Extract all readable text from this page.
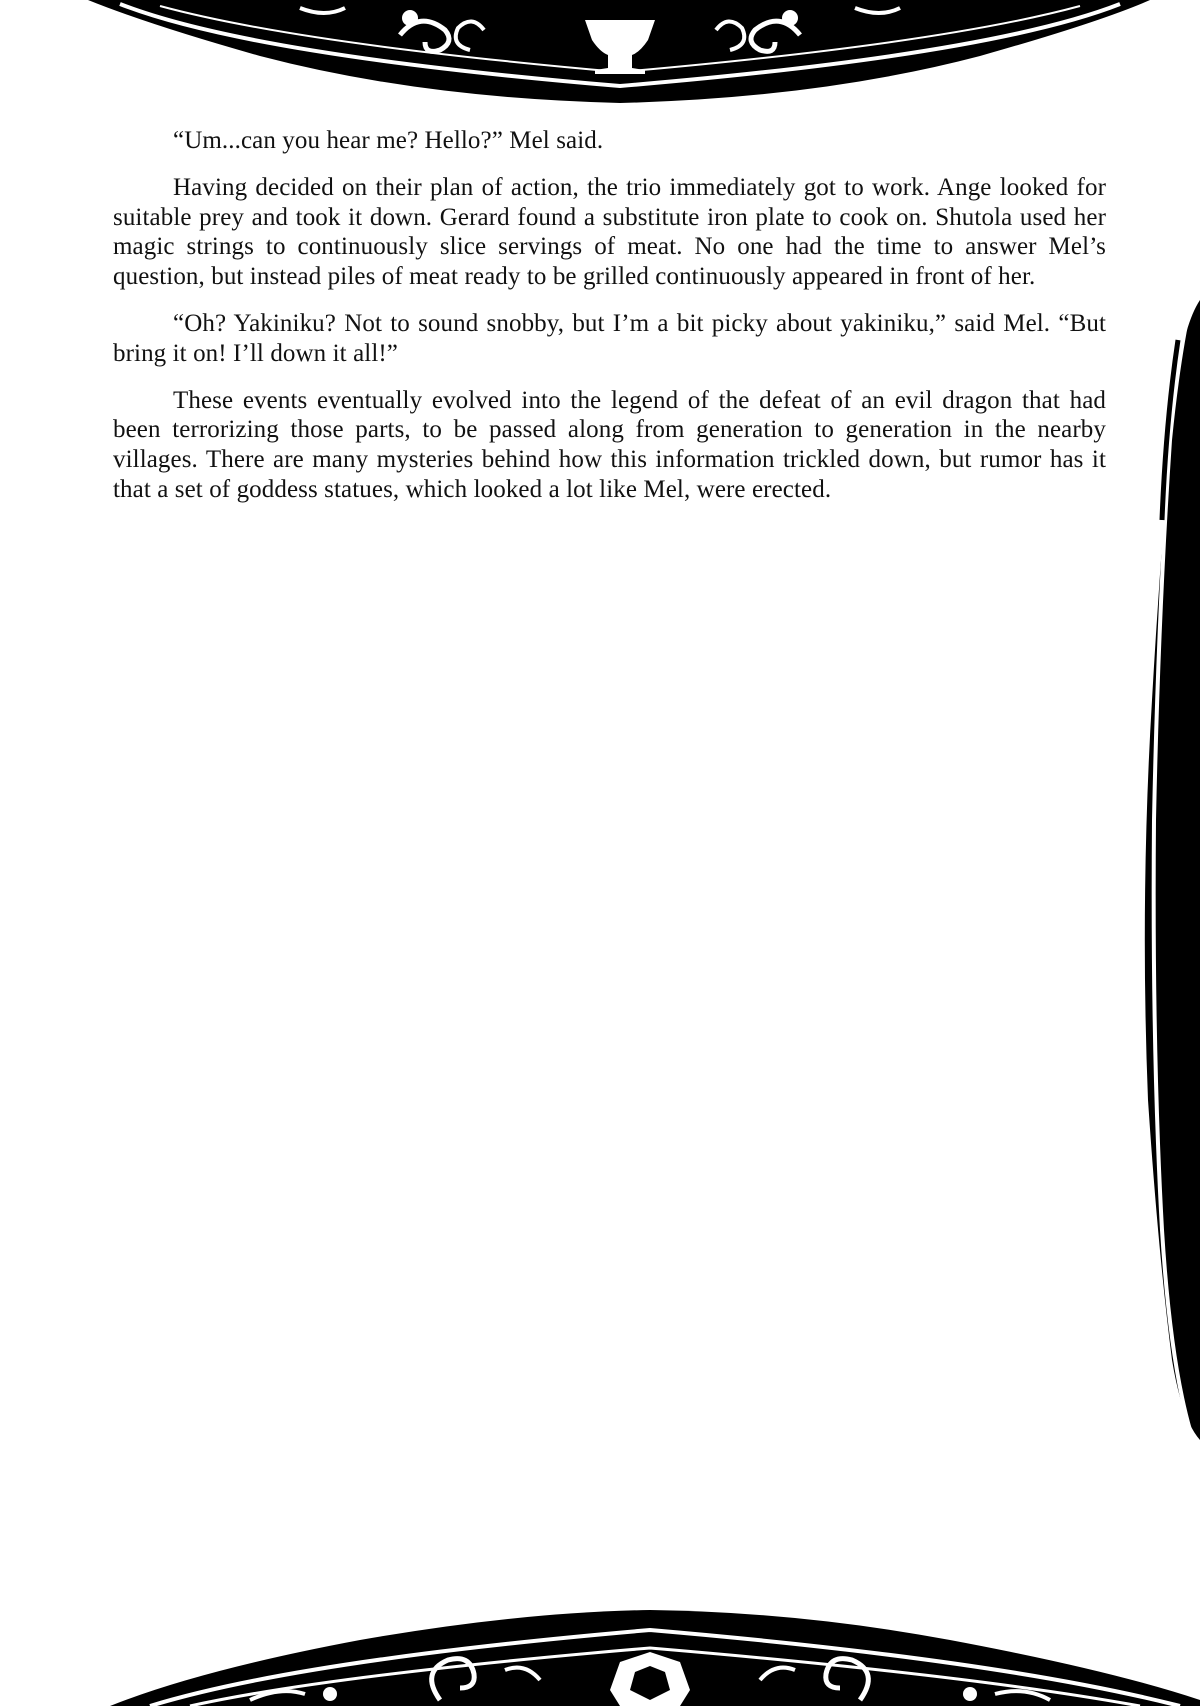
“Um...can you hear me? Hello?” Mel said.

Having decided on their plan of action, the trio immediately got to work. Ange looked for suitable prey and took it down. Gerard found a substitute iron plate to cook on. Shutola used her magic strings to continuously slice servings of meat. No one had the time to answer Mel’s question, but instead piles of meat ready to be grilled continuously appeared in front of her.

“Oh? Yakiniku? Not to sound snobby, but I’m a bit picky about yakiniku,” said Mel. “But bring it on! I’ll down it all!”

These events eventually evolved into the legend of the defeat of an evil dragon that had been terrorizing those parts, to be passed along from generation to generation in the nearby villages. There are many mysteries behind how this information trickled down, but rumor has it that a set of goddess statues, which looked a lot like Mel, were erected.
